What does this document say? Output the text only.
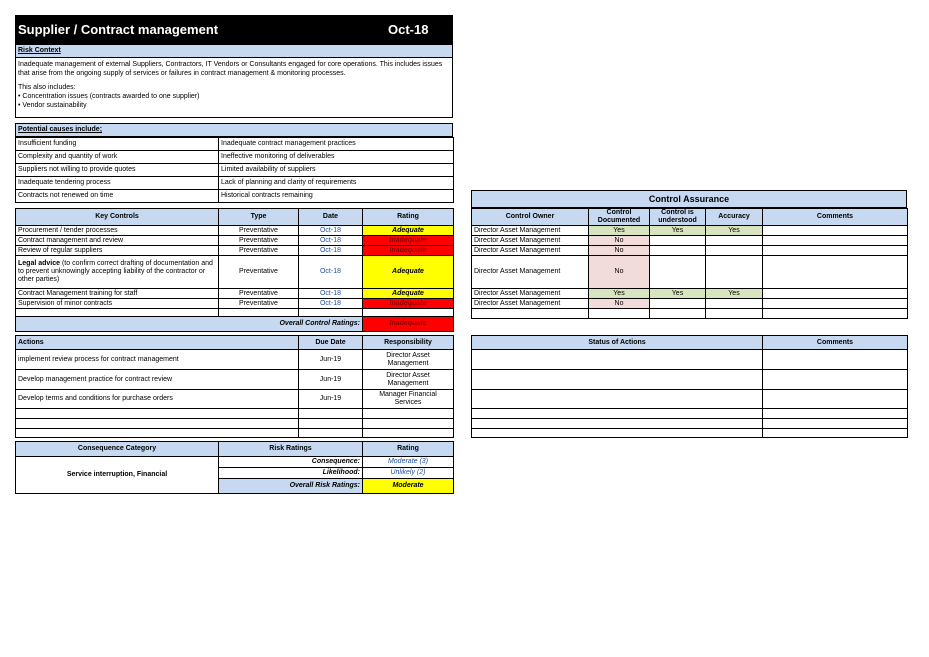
Supplier / Contract management	Oct-18
Risk Context
Inadequate management of external Suppliers, Contractors, IT Vendors or Consultants engaged for core operations. This includes issues that arise from the ongoing supply of services or failures in contract management & monitoring processes.
This also includes:
• Concentration issues (contracts awarded to one supplier)
• Vendor sustainability
Potential causes include;
Insufficient funding	Inadequate contract management practices
Complexity and quantity of work	Ineffective monitoring of deliverables
Suppliers not willing to provide quotes	Limited availability of suppliers
Inadequate tendering process	Lack of planning and clarity of requirements
Contracts not renewed on time	Historical contracts remaining
Key Controls	Type	Date	Rating
Procurement / tender processes	Preventative	Oct-18	Adequate
Contract management and review	Preventative	Oct-18	Inadequate
Review of regular suppliers	Preventative	Oct-18	Inadequate
Legal advice (to confirm correct drafting of documentation and to prevent unknowingly accepting liability of the contractor or other parties)	Preventative	Oct-18	Adequate
Contract Management training for staff	Preventative	Oct-18	Adequate
Supervision of minor contracts	Preventative	Oct-18	Inadequate

Overall Control Ratings:	Inadequate
Control Assurance
Control Owner	Control Documented	Control is understood	Accuracy	Comments
Director Asset Management	Yes	Yes	Yes	
Director Asset Management	No			
Director Asset Management	No			
Director Asset Management	No			
Director Asset Management	Yes	Yes	Yes	
Director Asset Management	No			

Actions	Due Date	Responsibility
implement review process for contract management	Jun-19	Director Asset Management
Develop management practice for contract review	Jun-19	Director Asset Management
Develop terms and conditions for purchase orders	Jun-19	Manager Financial Services

Status of Actions	Comments

Consequence Category	Risk Ratings	Rating
Service interruption, Financial	Consequence:	Moderate (3)
	Likelihood:	Unlikely (2)
	Overall Risk Ratings:	Moderate
